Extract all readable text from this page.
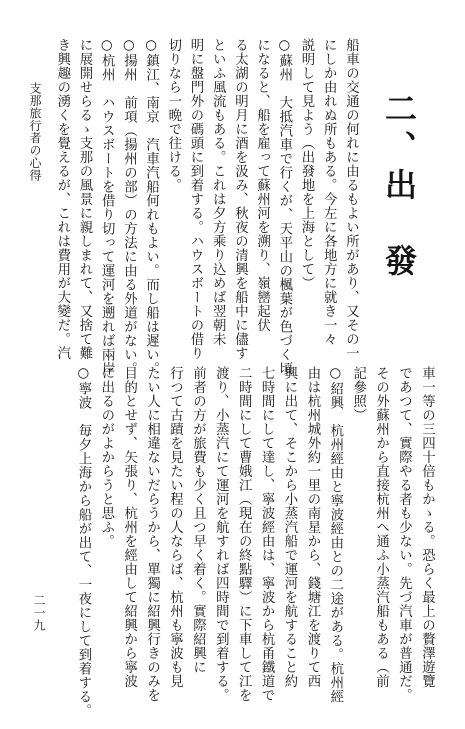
支那旅行者の心得	二、出　發
船車の交通の何れに由るもよい所があり、又その一
にしか由れぬ所もある。今左に各地方に就き一々
説明して見よう（出發地を上海として）
○蘇州　大抵汽車で行くが、天平山の楓葉が色づく頃
になると、船を雇って蘇州河を溯り、嶺巒起伏
る太湖の明月に酒を汲み、秋夜の清興を船中に儘す
といふ風流もある。これは夕方乘り込めば翌朝未
明に盤門外の碼頭に到着する。ハウスボートの借り
切りなら一晩で往ける。
○鎮江、南京　汽車汽船何れもよい。而し船は遲い。
○揚州　前項（揚州の部）の方法に由る外道がない。
○杭州　ハウスボートを借り切って運河を遡れば兩岸
に展開せらるゝ支那の風景に親しまれて、又捨て難
き興趣の湧くを覺えるが、これは費用が大變だ。汽
車一等の三四十倍もかゝる。恐らく最上の贅澤遊覽
であつて、實際やる者も少ない。先づ汽車が普通だ。
その外蘇州から直接杭州へ通ふ小蒸汽船もある（前
記參照）
○紹興　杭州經由と寧波經由との二途がある。杭州經
由は杭州城外約一里の南星から、錢塘江を渡りて西
興に出て、そこから小蒸汽船で運河を航すること約
七時間にして達し、寧波經由は、寧波から杭甬鐵道で
二時間にして曹娥江（現在の終點驛）に下車して江を
渡り、小蒸汽にて運河を航すれば四時間で到着する。
前者の方が旅費も少く且つ早く着く。實際紹興に
行つて古蹟を見たい程の人ならば、杭州も寧波も見
たい人に相違ないだらうから、單獨に紹興行きのみを
目的とせず、矢張り、杭州を經由して紹興から寧波
に出るのがよからうと思ふ。
○寧波　毎夕上海から船が出て、一夜にして到着する。
二一九
